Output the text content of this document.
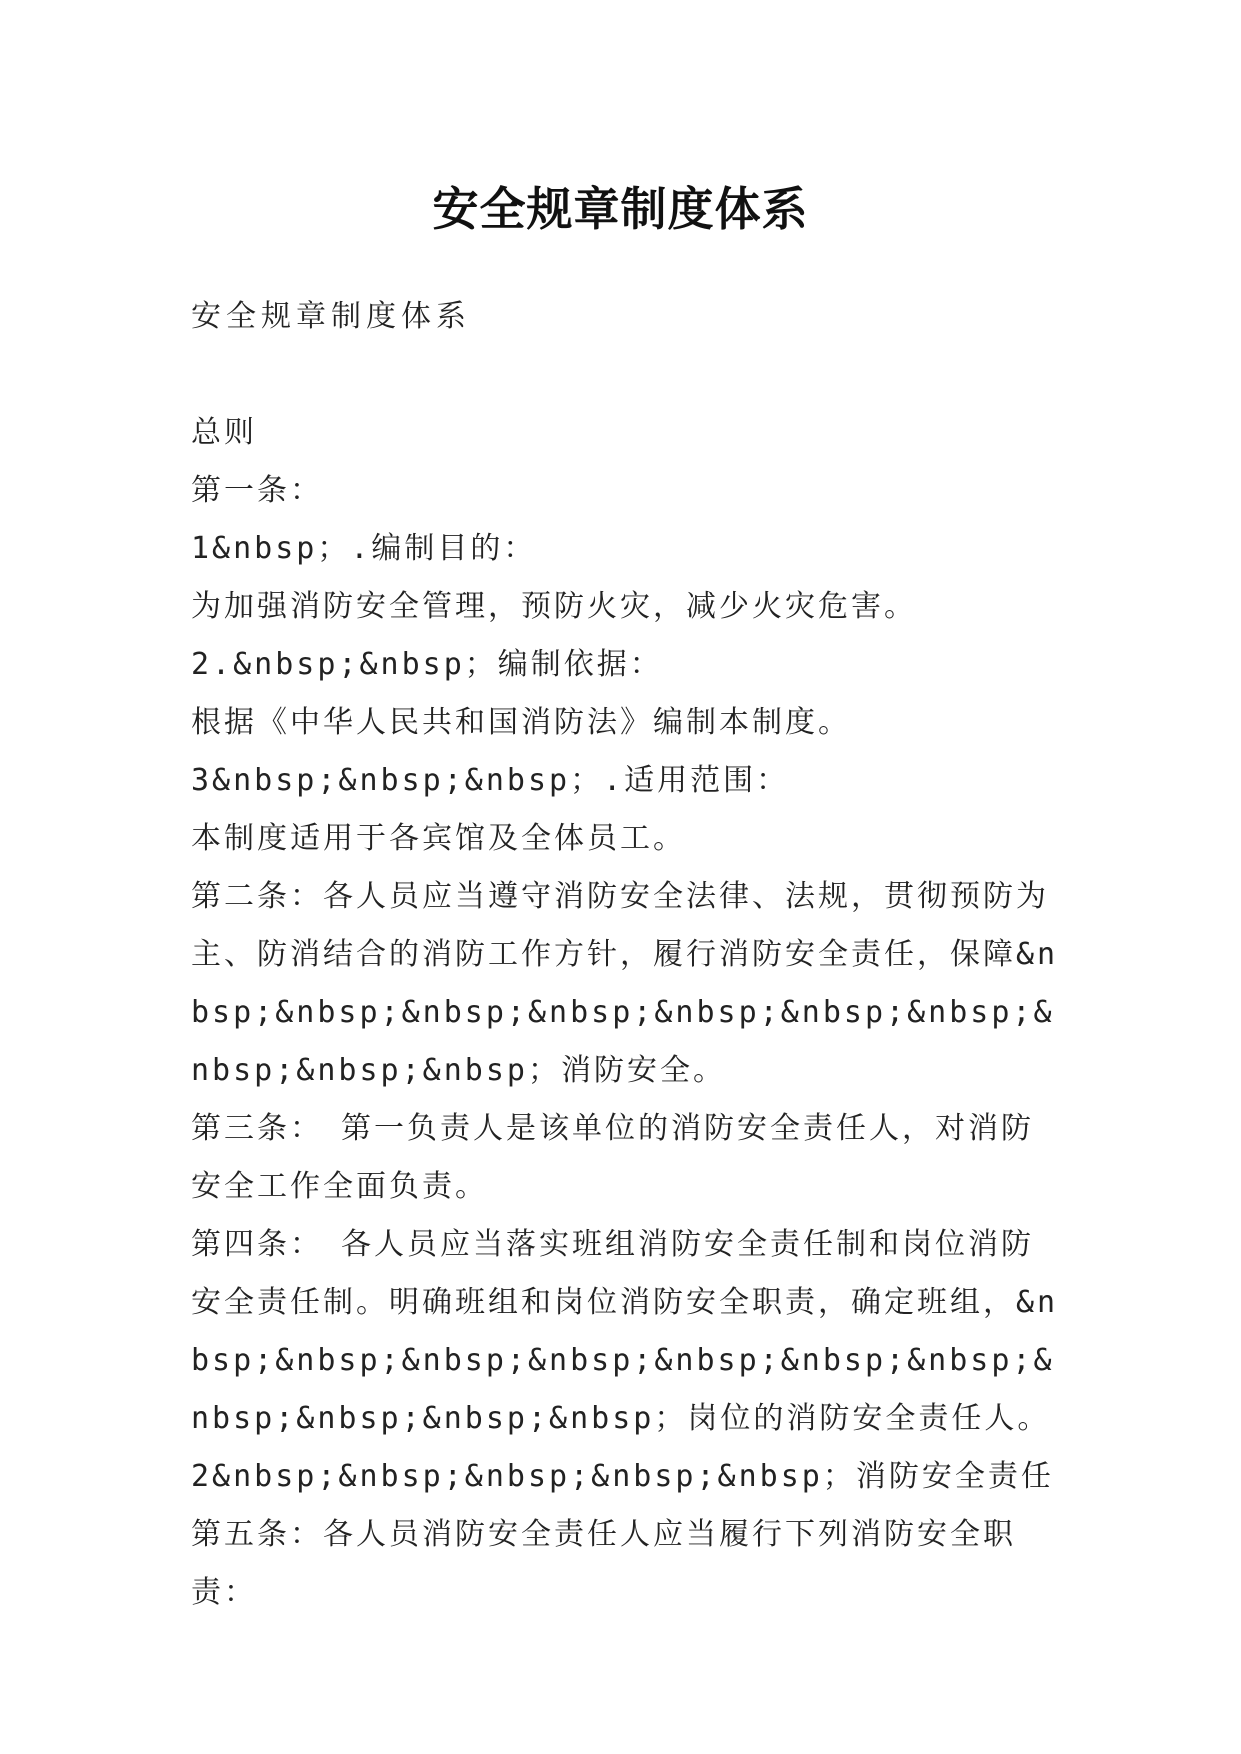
安全规章制度体系
安全规章制度体系

总则

第一条：

1&nbsp；.编制目的：

为加强消防安全管理，预防火灾，减少火灾危害。

2.&nbsp;&nbsp；编制依据：

根据《中华人民共和国消防法》编制本制度。

3&nbsp;&nbsp;&nbsp；.适用范围：

本制度适用于各宾馆及全体员工。

第二条：各人员应当遵守消防安全法律、法规，贯彻预防为主、防消结合的消防工作方针，履行消防安全责任，保障&nbsp;&nbsp;&nbsp;&nbsp;&nbsp;&nbsp;&nbsp;&nbsp;&nbsp;&nbsp；消防安全。

第三条：　第一负责人是该单位的消防安全责任人，对消防安全工作全面负责。

第四条：　各人员应当落实班组消防安全责任制和岗位消防安全责任制。明确班组和岗位消防安全职责，确定班组，&nbsp;&nbsp;&nbsp;&nbsp;&nbsp;&nbsp;&nbsp;&nbsp;&nbsp;&nbsp;&nbsp；岗位的消防安全责任人。

2&nbsp;&nbsp;&nbsp;&nbsp;&nbsp；消防安全责任

第五条：各人员消防安全责任人应当履行下列消防安全职责：
